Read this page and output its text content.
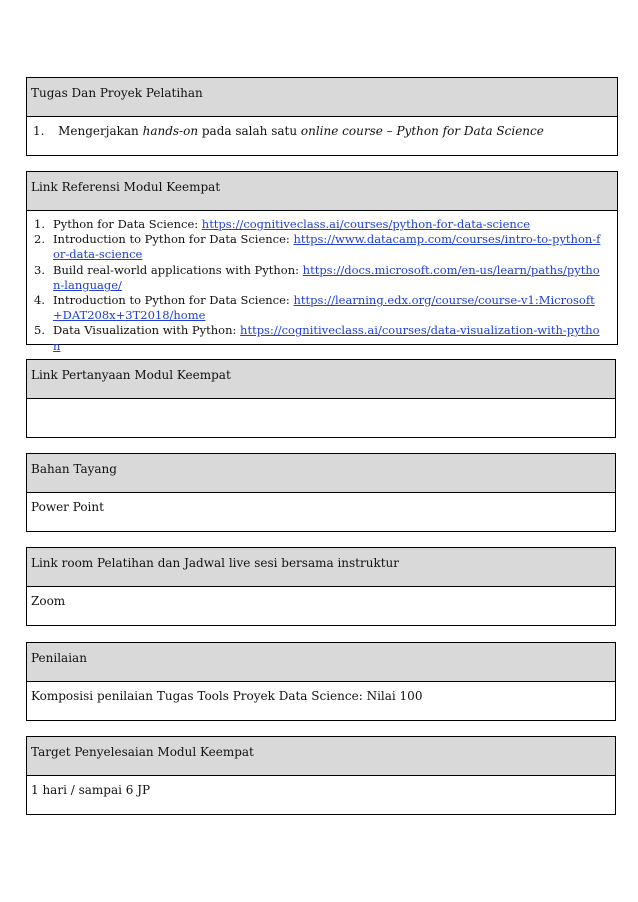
Tugas Dan Proyek Pelatihan
1. Mengerjakan hands-on pada salah satu online course – Python for Data Science
Link Referensi Modul Keempat
1. Python for Data Science: https://cognitiveclass.ai/courses/python-for-data-science
2. Introduction to Python for Data Science: https://www.datacamp.com/courses/intro-to-python-for-data-science
3. Build real-world applications with Python: https://docs.microsoft.com/en-us/learn/paths/python-language/
4. Introduction to Python for Data Science: https://learning.edx.org/course/course-v1:Microsoft+DAT208x+3T2018/home
5. Data Visualization with Python: https://cognitiveclass.ai/courses/data-visualization-with-python
Link Pertanyaan Modul Keempat
Bahan Tayang
Power Point
Link room Pelatihan dan Jadwal live sesi bersama instruktur
Zoom
Penilaian
Komposisi penilaian Tugas Tools Proyek Data Science: Nilai 100
Target Penyelesaian Modul Keempat
1 hari / sampai 6 JP
